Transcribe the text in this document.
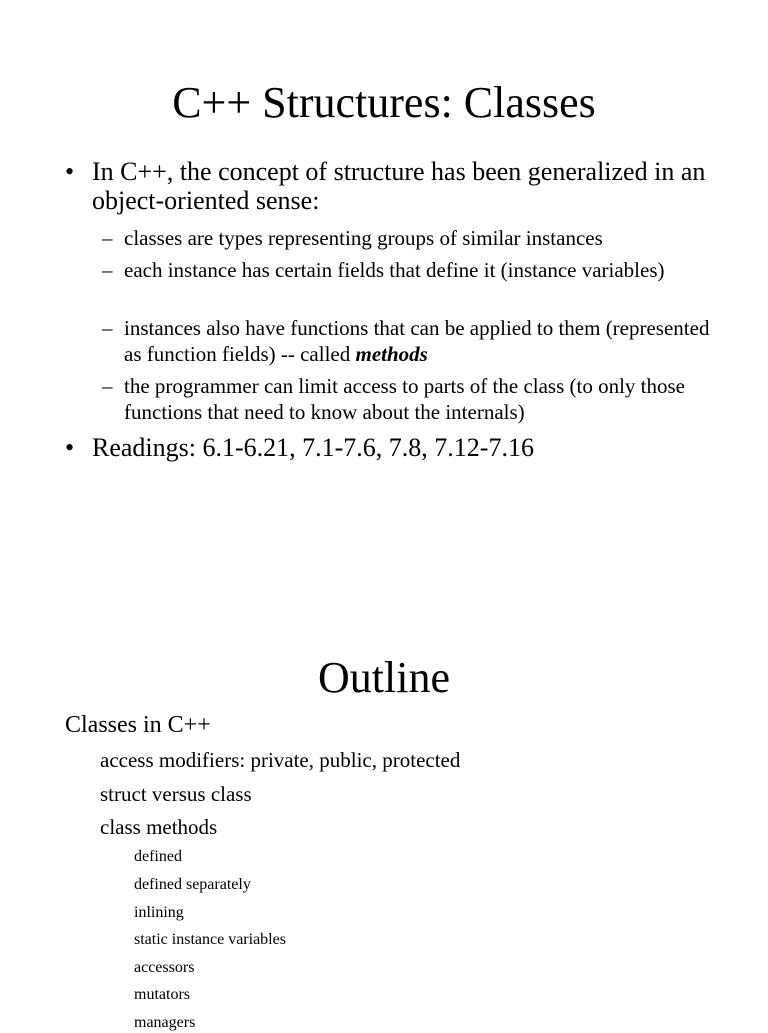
C++ Structures: Classes
• In C++, the concept of structure has been generalized in an object-oriented sense:
– classes are types representing groups of similar instances
– each instance has certain fields that define it (instance variables)
– instances also have functions that can be applied to them (represented as function fields) -- called methods
– the programmer can limit access to parts of the class (to only those functions that need to know about the internals)
• Readings: 6.1-6.21, 7.1-7.6, 7.8, 7.12-7.16
Outline
Classes in C++
access modifiers: private, public, protected
struct versus class
class methods
defined
defined separately
inlining
static instance variables
accessors
mutators
managers
